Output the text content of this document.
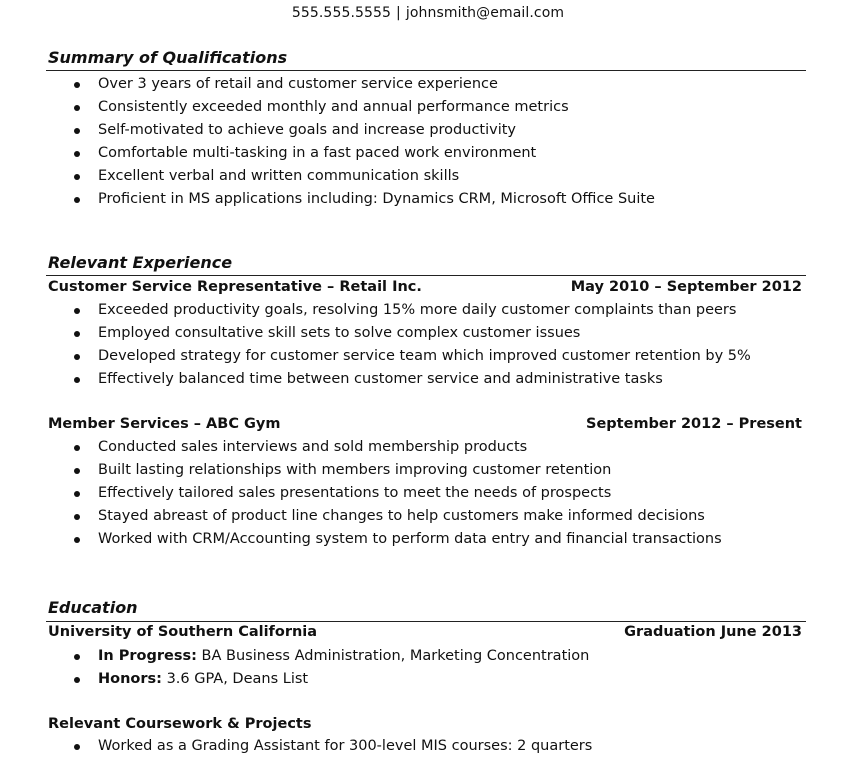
555.555.5555 | johnsmith@email.com
Summary of Qualifications
Over 3 years of retail and customer service experience
Consistently exceeded monthly and annual performance metrics
Self-motivated to achieve goals and increase productivity
Comfortable multi-tasking in a fast paced work environment
Excellent verbal and written communication skills
Proficient in MS applications including: Dynamics CRM, Microsoft Office Suite
Relevant Experience
Customer Service Representative – Retail Inc.	May 2010 – September 2012
Exceeded productivity goals, resolving 15% more daily customer complaints than peers
Employed consultative skill sets to solve complex customer issues
Developed strategy for customer service team which improved customer retention by 5%
Effectively balanced time between customer service and administrative tasks
Member Services – ABC Gym	September 2012 – Present
Conducted sales interviews and sold membership products
Built lasting relationships with members improving customer retention
Effectively tailored sales presentations to meet the needs of prospects
Stayed abreast of product line changes to help customers make informed decisions
Worked with CRM/Accounting system to perform data entry and financial transactions
Education
University of Southern California	Graduation June 2013
In Progress: BA Business Administration, Marketing Concentration
Honors: 3.6 GPA, Deans List
Relevant Coursework & Projects
Worked as a Grading Assistant for 300-level MIS courses: 2 quarters
